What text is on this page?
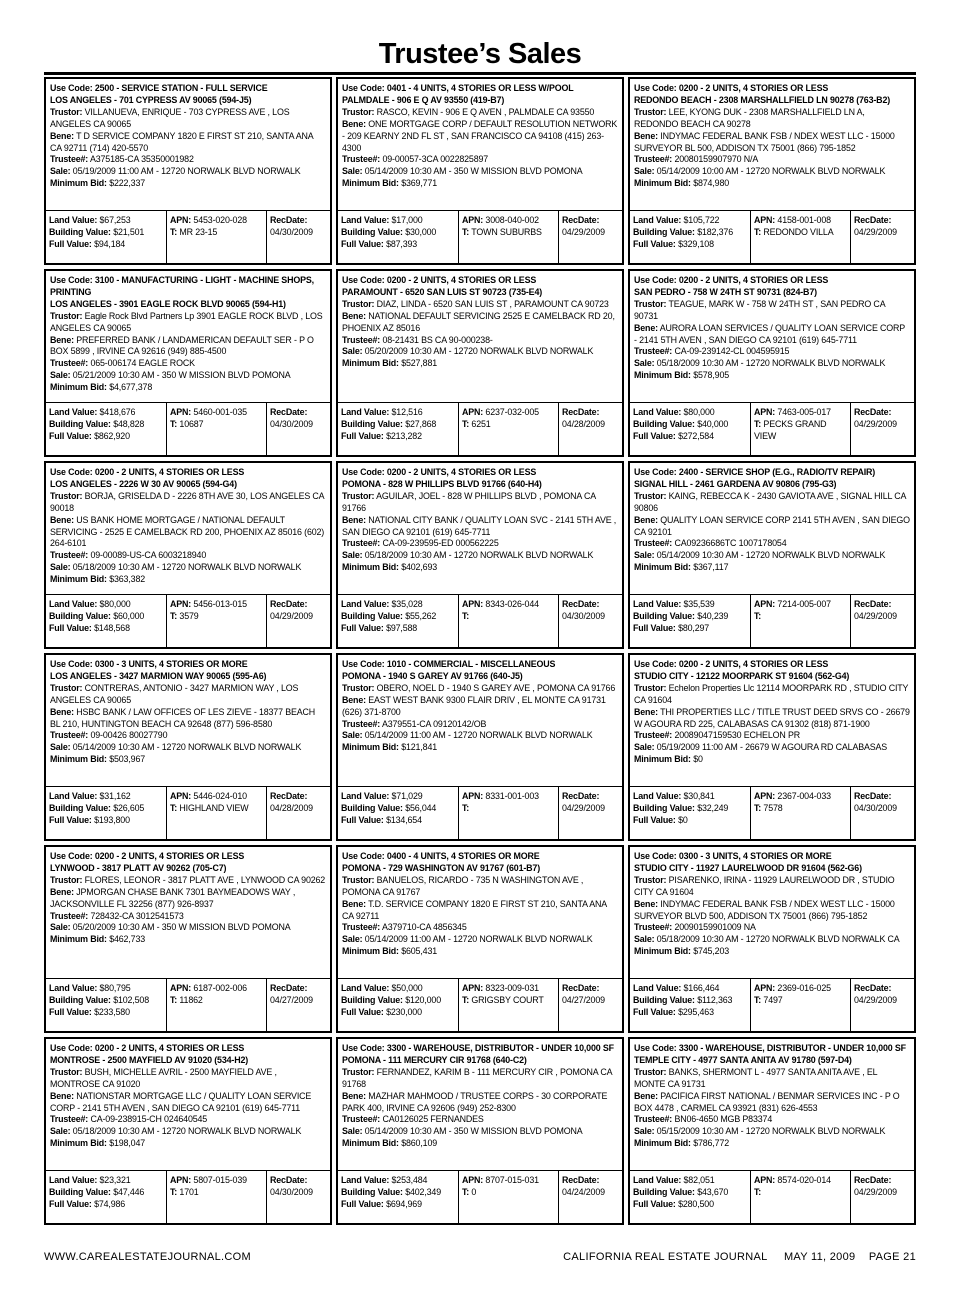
Trustee’s Sales
Use Code: 2500 - SERVICE STATION - FULL SERVICE
LOS ANGELES - 701 CYPRESS AV 90065 (594-J5)
Trustor: VILLANUEVA, ENRIQUE - 703 CYPRESS AVE , LOS ANGELES CA 90065
Bene: T D SERVICE COMPANY 1820 E FIRST ST 210, SANTA ANA CA 92711 (714) 420-5570
Trustee#: A375185-CA 35350001982
Sale: 05/19/2009 11:00 AM - 12720 NORWALK BLVD NORWALK
Minimum Bid: $222,337
Land Value: $67,253
Building Value: $21,501
Full Value: $94,184
APN: 5453-020-028
T: MR 23-15
RecDate:
04/30/2009
Use Code: 0401 - 4 UNITS, 4 STORIES OR LESS W/POOL
PALMDALE - 906 E Q AV 93550 (419-B7)
Trustor: RASCO, KEVIN - 906 E Q AVEN , PALMDALE CA 93550
Bene: ONE MORTGAGE CORP / DEFAULT RESOLUTION NETWORK - 209 KEARNY 2ND FL ST , SAN FRANCISCO CA 94108 (415) 263-4300
Trustee#: 09-00057-3CA 0022825897
Sale: 05/14/2009 10:30 AM - 350 W MISSION BLVD POMONA
Minimum Bid: $369,771
Land Value: $17,000
Building Value: $30,000
Full Value: $87,393
APN: 3008-040-002
T: TOWN SUBURBS
RecDate:
04/29/2009
Use Code: 0200 - 2 UNITS, 4 STORIES OR LESS
REDONDO BEACH - 2308 MARSHALLFIELD LN 90278 (763-B2)
Trustor: LEE, KYONG DUK - 2308 MARSHALLFIELD LN A, REDONDO BEACH CA 90278
Bene: INDYMAC FEDERAL BANK FSB / NDEX WEST LLC - 15000 SURVEYOR BL 500, ADDISON TX 75001 (866) 795-1852
Trustee#: 20080159907970 N/A
Sale: 05/14/2009 10:00 AM - 12720 NORWALK BLVD NORWALK
Minimum Bid: $874,980
Land Value: $105,722
Building Value: $182,376
Full Value: $329,108
APN: 4158-001-008
T: REDONDO VILLA
RecDate:
04/29/2009
Use Code: 3100 - MANUFACTURING - LIGHT - MACHINE SHOPS, PRINTING
LOS ANGELES - 3901 EAGLE ROCK BLVD 90065 (594-H1)
Trustor: Eagle Rock Blvd Partners Lp 3901 EAGLE ROCK BLVD , LOS ANGELES CA 90065
Bene: PREFERRED BANK / LANDAMERICAN DEFAULT SER - P O BOX 5899 , IRVINE CA 92616 (949) 885-4500
Trustee#: 065-006174 EAGLE ROCK
Sale: 05/21/2009 10:30 AM - 350 W MISSION BLVD POMONA
Minimum Bid: $4,677,378
Land Value: $418,676
Building Value: $48,828
Full Value: $862,920
APN: 5460-001-035
T: 10687
RecDate:
04/30/2009
Use Code: 0200 - 2 UNITS, 4 STORIES OR LESS
PARAMOUNT - 6520 SAN LUIS ST 90723 (735-E4)
Trustor: DIAZ, LINDA - 6520 SAN LUIS ST , PARAMOUNT CA 90723
Bene: NATIONAL DEFAULT SERVICING 2525 E CAMELBACK RD 20, PHOENIX AZ 85016
Trustee#: 08-21431 BS CA 90-000238-
Sale: 05/20/2009 10:30 AM - 12720 NORWALK BLVD NORWALK
Minimum Bid: $527,881
Land Value: $12,516
Building Value: $27,868
Full Value: $213,282
APN: 6237-032-005
T: 6251
RecDate:
04/28/2009
Use Code: 0200 - 2 UNITS, 4 STORIES OR LESS
SAN PEDRO - 758 W 24TH ST 90731 (824-B7)
Trustor: TEAGUE, MARK W - 758 W 24TH ST , SAN PEDRO CA 90731
Bene: AURORA LOAN SERVICES / QUALITY LOAN SERVICE CORP - 2141 5TH AVEN , SAN DIEGO CA 92101 (619) 645-7711
Trustee#: CA-09-239142-CL 004595915
Sale: 05/18/2009 10:30 AM - 12720 NORWALK BLVD NORWALK
Minimum Bid: $578,905
Land Value: $80,000
Building Value: $40,000
Full Value: $272,584
APN: 7463-005-017
T: PECKS GRAND VIEW
RecDate:
04/29/2009
Use Code: 0200 - 2 UNITS, 4 STORIES OR LESS
LOS ANGELES - 2226 W 30 AV 90065 (594-G4)
Trustor: BORJA, GRISELDA D - 2226 8TH AVE 30, LOS ANGELES CA 90018
Bene: US BANK HOME MORTGAGE / NATIONAL DEFAULT SERVICING - 2525 E CAMELBACK RD 200, PHOENIX AZ 85016 (602) 264-6101
Trustee#: 09-00089-US-CA 6003218940
Sale: 05/18/2009 10:30 AM - 12720 NORWALK BLVD NORWALK
Minimum Bid: $363,382
Land Value: $80,000
Building Value: $60,000
Full Value: $148,568
APN: 5456-013-015
T: 3579
RecDate:
04/29/2009
Use Code: 0200 - 2 UNITS, 4 STORIES OR LESS
POMONA - 828 W PHILLIPS BLVD 91766 (640-H4)
Trustor: AGUILAR, JOEL - 828 W PHILLIPS BLVD , POMONA CA 91766
Bene: NATIONAL CITY BANK / QUALITY LOAN SVC - 2141 5TH AVE , SAN DIEGO CA 92101 (619) 645-7711
Trustee#: CA-09-239595-ED 000562225
Sale: 05/18/2009 10:30 AM - 12720 NORWALK BLVD NORWALK
Minimum Bid: $402,693
Land Value: $35,028
Building Value: $55,262
Full Value: $97,588
APN: 8343-026-044
T:
RecDate:
04/30/2009
Use Code: 2400 - SERVICE SHOP (E.G., RADIO/TV REPAIR)
SIGNAL HILL - 2461 GARDENA AV 90806 (795-G3)
Trustor: KAING, REBECCA K - 2430 GAVIOTA AVE , SIGNAL HILL CA 90806
Bene: QUALITY LOAN SERVICE CORP 2141 5TH AVEN , SAN DIEGO CA 92101
Trustee#: CA09236686TC 1007178054
Sale: 05/14/2009 10:30 AM - 12720 NORWALK BLVD NORWALK
Minimum Bid: $367,117
Land Value: $35,539
Building Value: $40,239
Full Value: $80,297
APN: 7214-005-007
T:
RecDate:
04/29/2009
Use Code: 0300 - 3 UNITS, 4 STORIES OR MORE
LOS ANGELES - 3427 MARMION WAY 90065 (595-A6)
Trustor: CONTRERAS, ANTONIO - 3427 MARMION WAY , LOS ANGELES CA 90065
Bene: HSBC BANK / LAW OFFICES OF LES ZIEVE - 18377 BEACH BL 210, HUNTINGTON BEACH CA 92648 (877) 596-8580
Trustee#: 09-00426 80027790
Sale: 05/14/2009 10:30 AM - 12720 NORWALK BLVD NORWALK
Minimum Bid: $503,967
Land Value: $31,162
Building Value: $26,605
Full Value: $193,800
APN: 5446-024-010
T: HIGHLAND VIEW
RecDate:
04/28/2009
Use Code: 1010 - COMMERCIAL - MISCELLANEOUS
POMONA - 1940 S GAREY AV 91766 (640-J5)
Trustor: OBERO, NOEL D - 1940 S GAREY AVE , POMONA CA 91766
Bene: EAST WEST BANK 9300 FLAIR DRIV , EL MONTE CA 91731 (626) 371-8700
Trustee#: A379551-CA 09120142/OB
Sale: 05/14/2009 11:00 AM - 12720 NORWALK BLVD NORWALK
Minimum Bid: $121,841
Land Value: $71,029
Building Value: $56,044
Full Value: $134,654
APN: 8331-001-003
T:
RecDate:
04/29/2009
Use Code: 0200 - 2 UNITS, 4 STORIES OR LESS
STUDIO CITY - 12122 MOORPARK ST 91604 (562-G4)
Trustor: Echelon Properties Llc 12114 MOORPARK RD , STUDIO CITY CA 91604
Bene: THI PROPERTIES LLC / TITLE TRUST DEED SRVS CO - 26679 W AGOURA RD 225, CALABASAS CA 91302 (818) 871-1900
Trustee#: 20089047159530 ECHELON PR
Sale: 05/19/2009 11:00 AM - 26679 W AGOURA RD CALABASAS
Minimum Bid: $0
Land Value: $30,841
Building Value: $32,249
Full Value: $0
APN: 2367-004-033
T: 7578
RecDate:
04/30/2009
Use Code: 0200 - 2 UNITS, 4 STORIES OR LESS
LYNWOOD - 3817 PLATT AV 90262 (705-C7)
Trustor: FLORES, LEONOR - 3817 PLATT AVE , LYNWOOD CA 90262
Bene: JPMORGAN CHASE BANK 7301 BAYMEADOWS WAY , JACKSONVILLE FL 32256 (877) 926-8937
Trustee#: 728432-CA 3012541573
Sale: 05/20/2009 10:30 AM - 350 W MISSION BLVD POMONA
Minimum Bid: $462,733
Land Value: $80,795
Building Value: $102,508
Full Value: $233,580
APN: 6187-002-006
T: 11862
RecDate:
04/27/2009
Use Code: 0400 - 4 UNITS, 4 STORIES OR MORE
POMONA - 729 WASHINGTON AV 91767 (601-B7)
Trustor: BANUELOS, RICARDO - 735 N WASHINGTON AVE , POMONA CA 91767
Bene: T.D. SERVICE COMPANY 1820 E FIRST ST 210, SANTA ANA CA 92711
Trustee#: A379710-CA 4856345
Sale: 05/14/2009 11:00 AM - 12720 NORWALK BLVD NORWALK
Minimum Bid: $605,431
Land Value: $50,000
Building Value: $120,000
Full Value: $230,000
APN: 8323-009-031
T: GRIGSBY COURT
RecDate:
04/27/2009
Use Code: 0300 - 3 UNITS, 4 STORIES OR MORE
STUDIO CITY - 11927 LAURELWOOD DR 91604 (562-G6)
Trustor: PISARENKO, IRINA - 11929 LAURELWOOD DR , STUDIO CITY CA 91604
Bene: INDYMAC FEDERAL BANK FSB / NDEX WEST LLC - 15000 SURVEYOR BLVD 500, ADDISON TX 75001 (866) 795-1852
Trustee#: 20090159901009 NA
Sale: 05/18/2009 10:30 AM - 12720 NORWALK BLVD NORWALK CA
Minimum Bid: $745,203
Land Value: $166,464
Building Value: $112,363
Full Value: $295,463
APN: 2369-016-025
T: 7497
RecDate:
04/29/2009
Use Code: 0200 - 2 UNITS, 4 STORIES OR LESS
MONTROSE - 2500 MAYFIELD AV 91020 (534-H2)
Trustor: BUSH, MICHELLE AVRIL - 2500 MAYFIELD AVE , MONTROSE CA 91020
Bene: NATIONSTAR MORTGAGE LLC / QUALITY LOAN SERVICE CORP - 2141 5TH AVEN , SAN DIEGO CA 92101 (619) 645-7711
Trustee#: CA-09-238915-CH 024640545
Sale: 05/18/2009 10:30 AM - 12720 NORWALK BLVD NORWALK
Minimum Bid: $198,047
Land Value: $23,321
Building Value: $47,446
Full Value: $74,986
APN: 5807-015-039
T: 1701
RecDate:
04/30/2009
Use Code: 3300 - WAREHOUSE, DISTRIBUTOR - UNDER 10,000 SF
POMONA - 111 MERCURY CIR 91768 (640-C2)
Trustor: FERNANDEZ, KARIM B - 111 MERCURY CIR , POMONA CA 91768
Bene: MAZHAR MAHMOOD / TRUSTEE CORPS - 30 CORPORATE PARK 400, IRVINE CA 92606 (949) 252-8300
Trustee#: CA0126025 FERNANDES
Sale: 05/14/2009 10:30 AM - 350 W MISSION BLVD POMONA
Minimum Bid: $860,109
Land Value: $253,484
Building Value: $402,349
Full Value: $694,969
APN: 8707-015-031
T: 0
RecDate:
04/24/2009
Use Code: 3300 - WAREHOUSE, DISTRIBUTOR - UNDER 10,000 SF
TEMPLE CITY - 4977 SANTA ANITA AV 91780 (597-D4)
Trustor: BANKS, SHERMONT L - 4977 SANTA ANITA AVE , EL MONTE CA 91731
Bene: PACIFICA FIRST NATIONAL / BENMAR SERVICES INC - P O BOX 4478 , CARMEL CA 93921 (831) 626-4553
Trustee#: BN06-4650 MGB P83374
Sale: 05/15/2009 10:30 AM - 12720 NORWALK BLVD NORWALK
Minimum Bid: $786,772
Land Value: $82,051
Building Value: $43,670
Full Value: $280,500
APN: 8574-020-014
T:
RecDate:
04/29/2009
WWW.CAREALESTATEJOURNAL.COM	CALIFORNIA REAL ESTATE JOURNAL     MAY 11, 2009    PAGE 21
